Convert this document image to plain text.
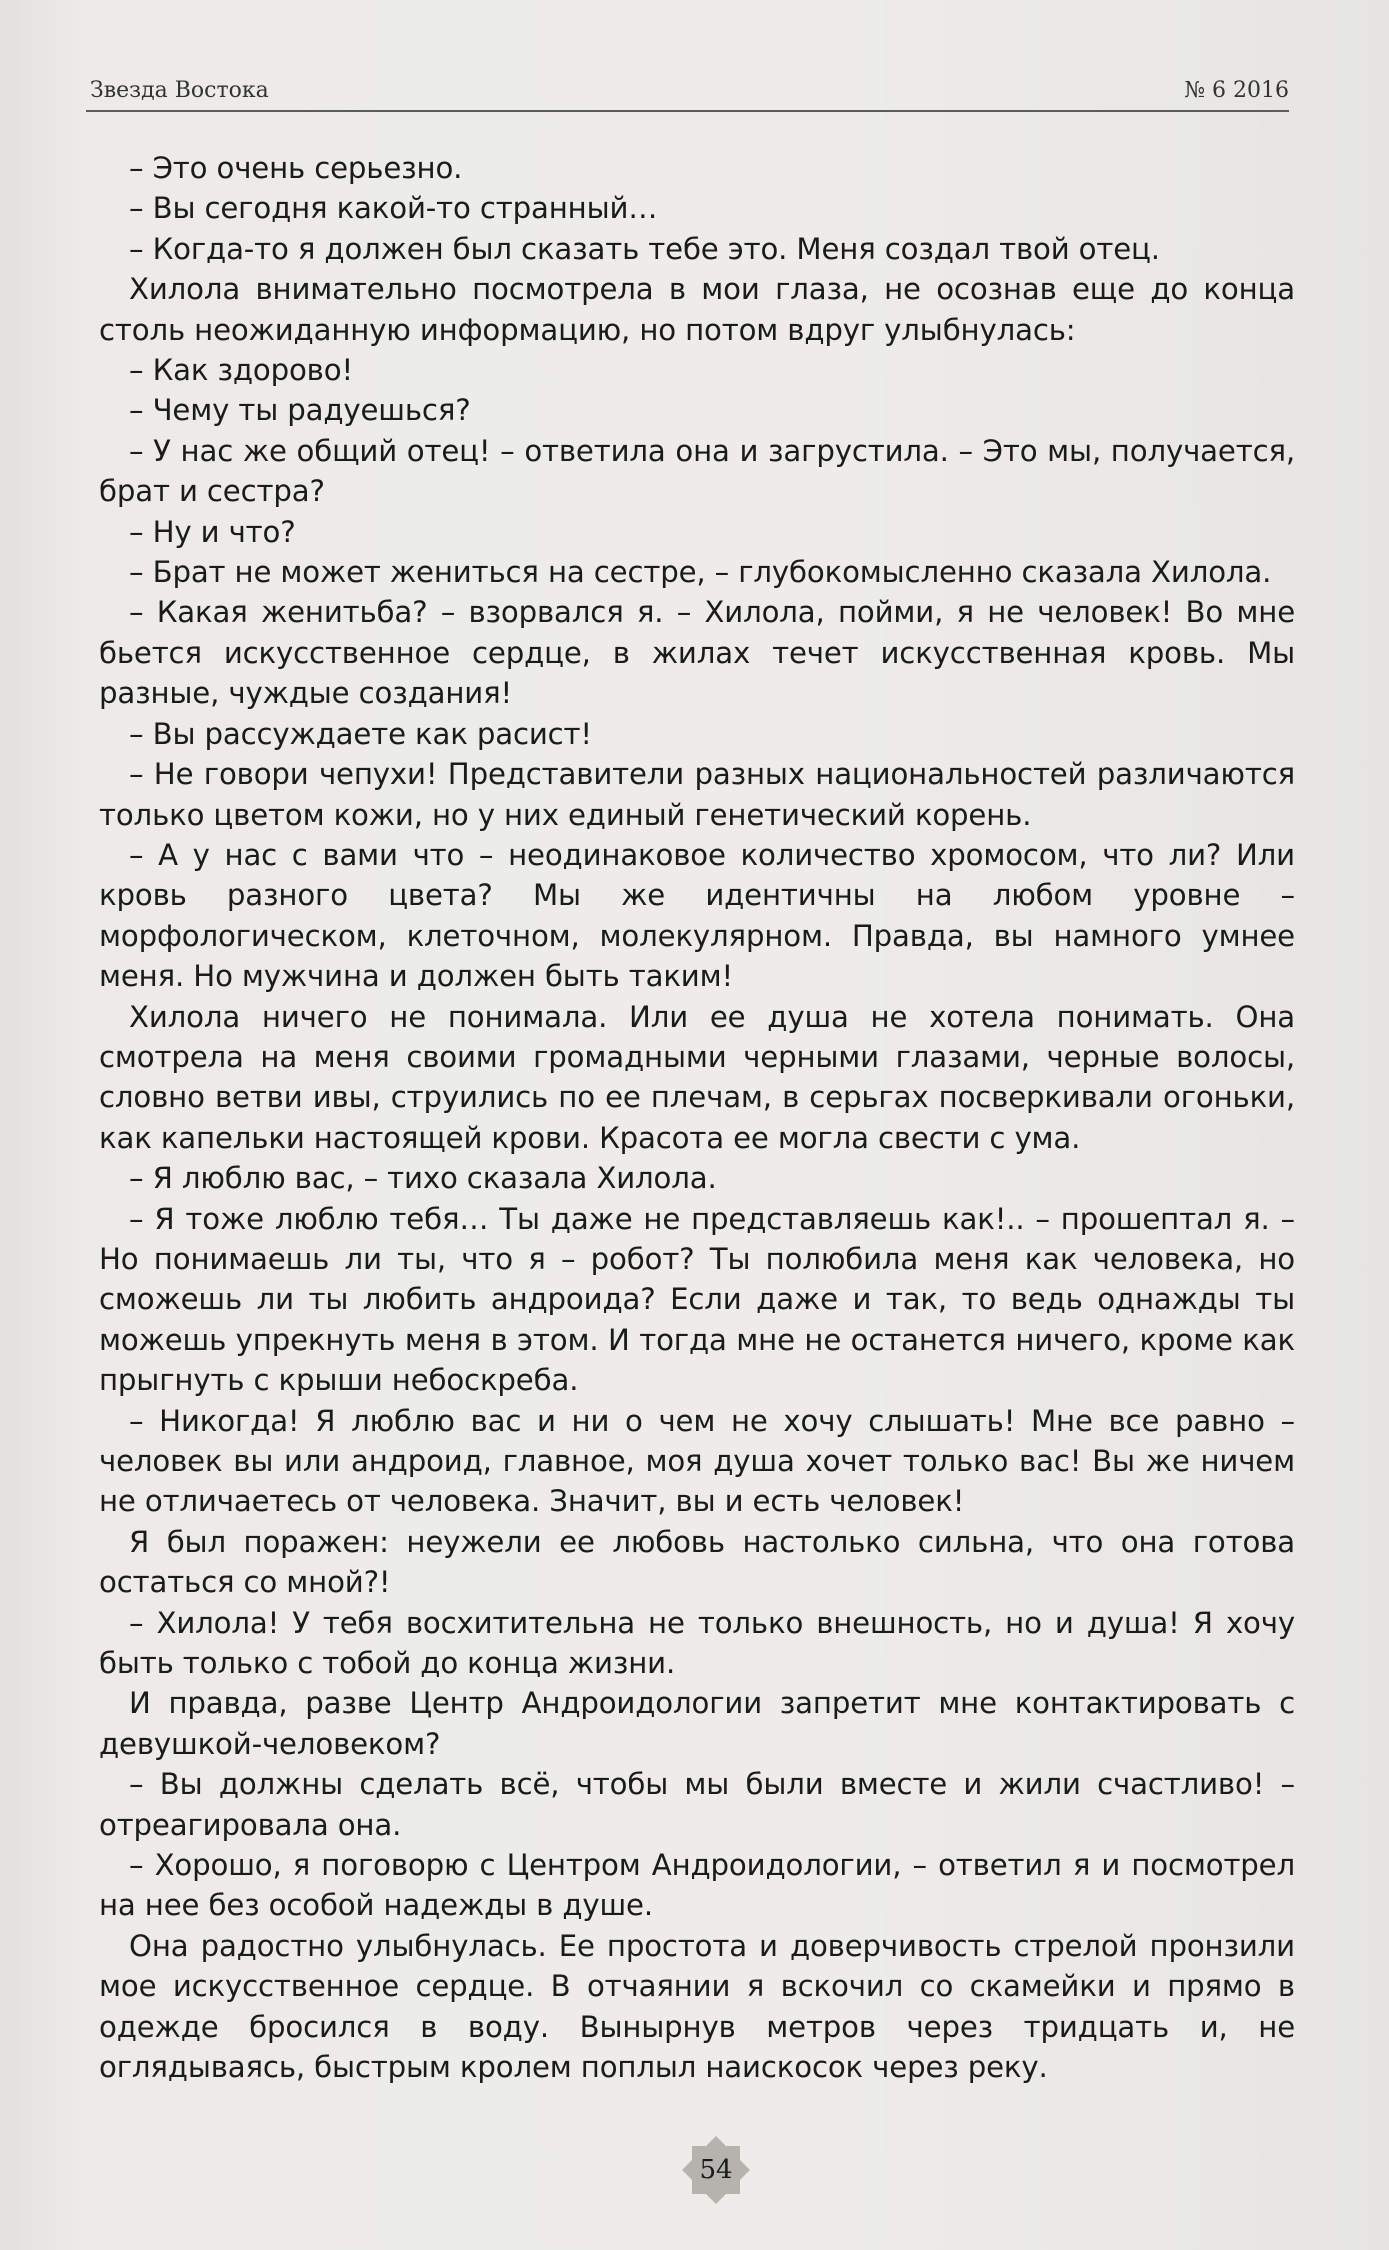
Звезда Востока	№ 6 2016

– Это очень серьезно.

– Вы сегодня какой-то странный…

– Когда-то я должен был сказать тебе это. Меня создал твой отец.

Хилола внимательно посмотрела в мои глаза, не осознав еще до конца столь неожиданную информацию, но потом вдруг улыбнулась:

– Как здорово!

– Чему ты радуешься?

– У нас же общий отец! – ответила она и загрустила. – Это мы, получается, брат и сестра?

– Ну и что?

– Брат не может жениться на сестре, – глубокомысленно сказала Хилола.

– Какая женитьба? – взорвался я. – Хилола, пойми, я не человек! Во мне бьется искусственное сердце, в жилах течет искусственная кровь. Мы разные, чуждые создания!

– Вы рассуждаете как расист!

– Не говори чепухи! Представители разных национальностей различаются только цветом кожи, но у них единый генетический корень.

– А у нас с вами что – неодинаковое количество хромосом, что ли? Или кровь разного цвета? Мы же идентичны на любом уровне – морфологическом, клеточном, молекулярном. Правда, вы намного умнее меня. Но мужчина и должен быть таким!

Хилола ничего не понимала. Или ее душа не хотела понимать. Она смотрела на меня своими громадными черными глазами, черные волосы, словно ветви ивы, струились по ее плечам, в серьгах посверкивали огоньки, как капельки настоящей крови. Красота ее могла свести с ума.

– Я люблю вас, – тихо сказала Хилола.

– Я тоже люблю тебя… Ты даже не представляешь как!.. – прошептал я. – Но понимаешь ли ты, что я – робот? Ты полюбила меня как человека, но сможешь ли ты любить андроида? Если даже и так, то ведь однажды ты можешь упрекнуть меня в этом. И тогда мне не останется ничего, кроме как прыгнуть с крыши небоскреба.

– Никогда! Я люблю вас и ни о чем не хочу слышать! Мне все равно – человек вы или андроид, главное, моя душа хочет только вас! Вы же ничем не отличаетесь от человека. Значит, вы и есть человек!

Я был поражен: неужели ее любовь настолько сильна, что она готова остаться со мной?!

– Хилола! У тебя восхитительна не только внешность, но и душа! Я хочу быть только с тобой до конца жизни.

И правда, разве Центр Андроидологии запретит мне контактировать с девушкой-человеком?

– Вы должны сделать всё, чтобы мы были вместе и жили счастливо! – отреагировала она.

– Хорошо, я поговорю с Центром Андроидологии, – ответил я и посмотрел на нее без особой надежды в душе.

Она радостно улыбнулась. Ее простота и доверчивость стрелой пронзили мое искусственное сердце. В отчаянии я вскочил со скамейки и прямо в одежде бросился в воду. Вынырнув метров через тридцать и, не оглядываясь, быстрым кролем поплыл наискосок через реку.

54
